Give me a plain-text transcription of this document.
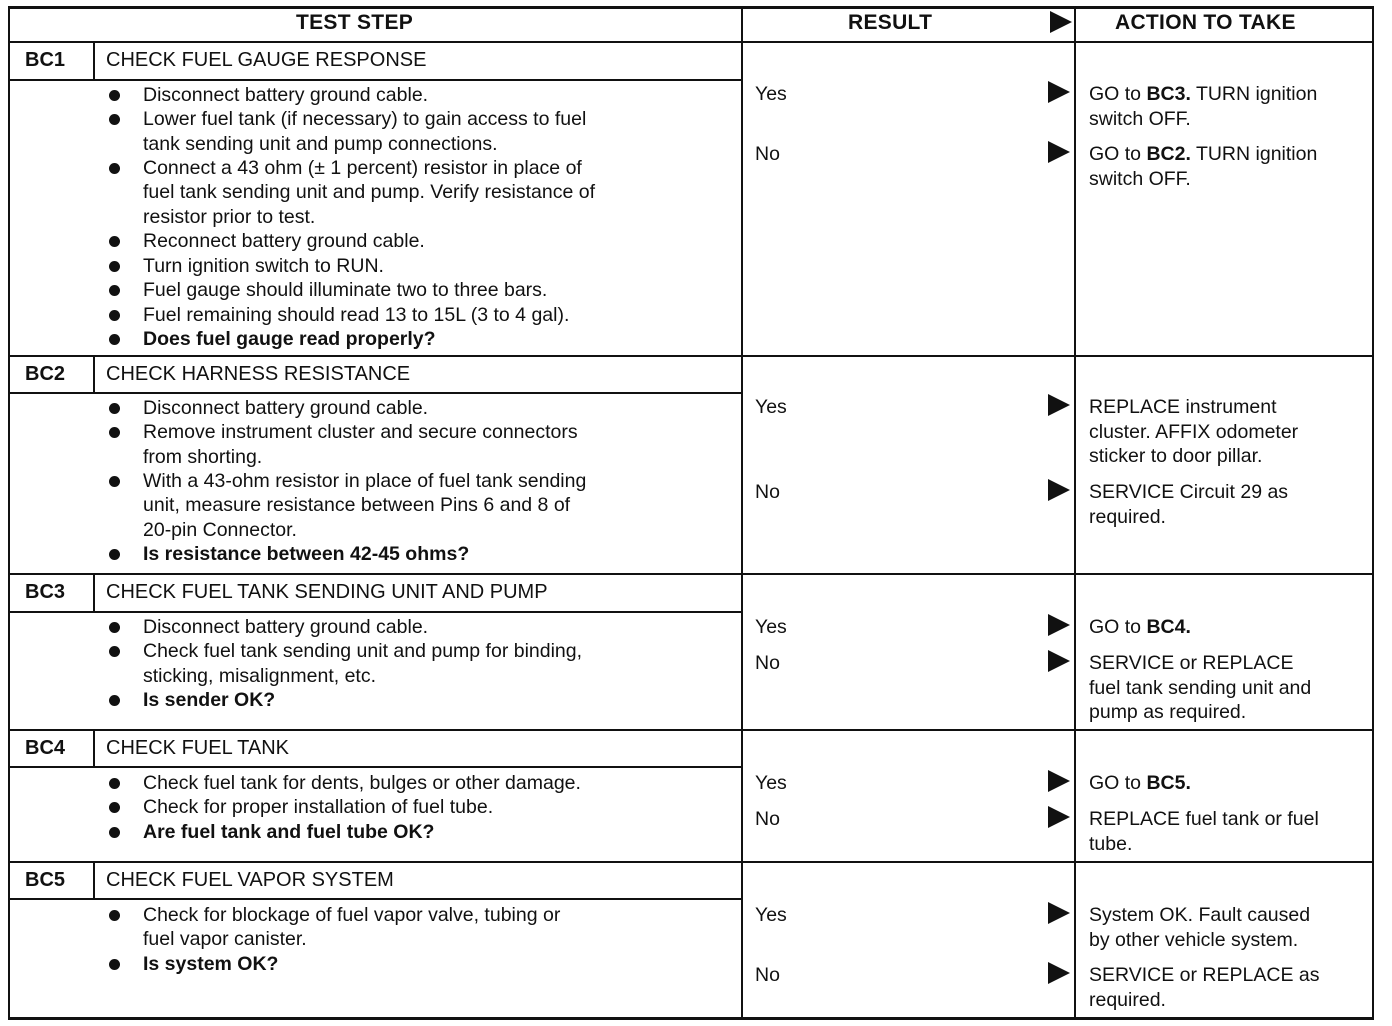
TEST STEP	RESULT	ACTION TO TAKE
BC1 CHECK FUEL GAUGE RESPONSE
Disconnect battery ground cable.
Lower fuel tank (if necessary) to gain access to fuel
tank sending unit and pump connections.
Connect a 43 ohm (± 1 percent) resistor in place of
fuel tank sending unit and pump. Verify resistance of
resistor prior to test.
Reconnect battery ground cable.
Turn ignition switch to RUN.
Fuel gauge should illuminate two to three bars.
Fuel remaining should read 13 to 15L (3 to 4 gal).
Does fuel gauge read properly?
Yes
No
GO to BC3. TURN ignition
switch OFF.
GO to BC2. TURN ignition
switch OFF.
BC2 CHECK HARNESS RESISTANCE
Disconnect battery ground cable.
Remove instrument cluster and secure connectors
from shorting.
With a 43-ohm resistor in place of fuel tank sending
unit, measure resistance between Pins 6 and 8 of
20-pin Connector.
Is resistance between 42-45 ohms?
Yes
No
REPLACE instrument
cluster. AFFIX odometer
sticker to door pillar.
SERVICE Circuit 29 as
required.
BC3 CHECK FUEL TANK SENDING UNIT AND PUMP
Disconnect battery ground cable.
Check fuel tank sending unit and pump for binding,
sticking, misalignment, etc.
Is sender OK?
Yes
No
GO to BC4.
SERVICE or REPLACE
fuel tank sending unit and
pump as required.
BC4 CHECK FUEL TANK
Check fuel tank for dents, bulges or other damage.
Check for proper installation of fuel tube.
Are fuel tank and fuel tube OK?
Yes
No
GO to BC5.
REPLACE fuel tank or fuel
tube.
BC5 CHECK FUEL VAPOR SYSTEM
Check for blockage of fuel vapor valve, tubing or
fuel vapor canister.
Is system OK?
Yes
No
System OK. Fault caused
by other vehicle system.
SERVICE or REPLACE as
required.
